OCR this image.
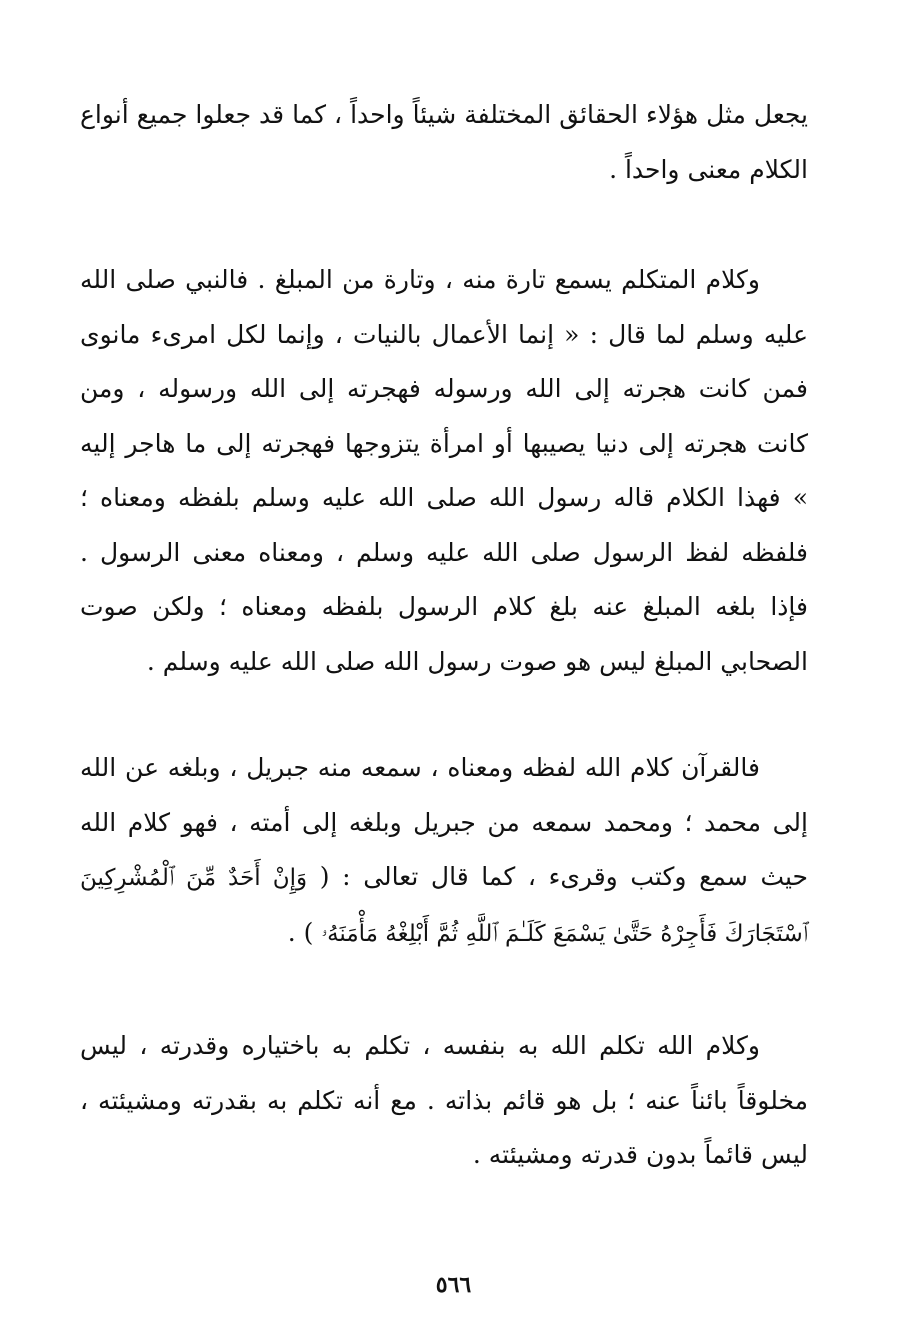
يجعل مثل هؤلاء الحقائق المختلفة شيئاً واحداً ، كما قد جعلوا جميع أنواع الكلام معنى واحداً .

وكلام المتكلم يسمع تارة منه ، وتارة من المبلغ . فالنبي صلى الله عليه وسلم لما قال : « إنما الأعمال بالنيات ، وإنما لكل امرىء مانوى فمن كانت هجرته إلى الله ورسوله فهجرته إلى الله ورسوله ، ومن كانت هجرته إلى دنيا يصيبها أو امرأة يتزوجها فهجرته إلى ما هاجر إليه » فهذا الكلام قاله رسول الله صلى الله عليه وسلم بلفظه ومعناه ؛ فلفظه لفظ الرسول صلى الله عليه وسلم ، ومعناه معنى الرسول . فإذا بلغه المبلغ عنه بلغ كلام الرسول بلفظه ومعناه ؛ ولكن صوت الصحابي المبلغ ليس هو صوت رسول الله صلى الله عليه وسلم .

فالقرآن كلام الله لفظه ومعناه ، سمعه منه جبريل ، وبلغه عن الله إلى محمد ؛ ومحمد سمعه من جبريل وبلغه إلى أمته ، فهو كلام الله حيث سمع وكتب وقرىء ، كما قال تعالى : ( وَإِنْ أَحَدٌ مِّنَ ٱلْمُشْرِكِينَ ٱسْتَجَارَكَ فَأَجِرْهُ حَتَّىٰ يَسْمَعَ كَلَـٰمَ ٱللَّهِ ثُمَّ أَبْلِغْهُ مَأْمَنَهُۥ ) .

وكلام الله تكلم الله به بنفسه ، تكلم به باختياره وقدرته ، ليس مخلوقاً بائناً عنه ؛ بل هو قائم بذاته . مع أنه تكلم به بقدرته ومشيئته ، ليس قائماً بدون قدرته ومشيئته .

٥٦٦
